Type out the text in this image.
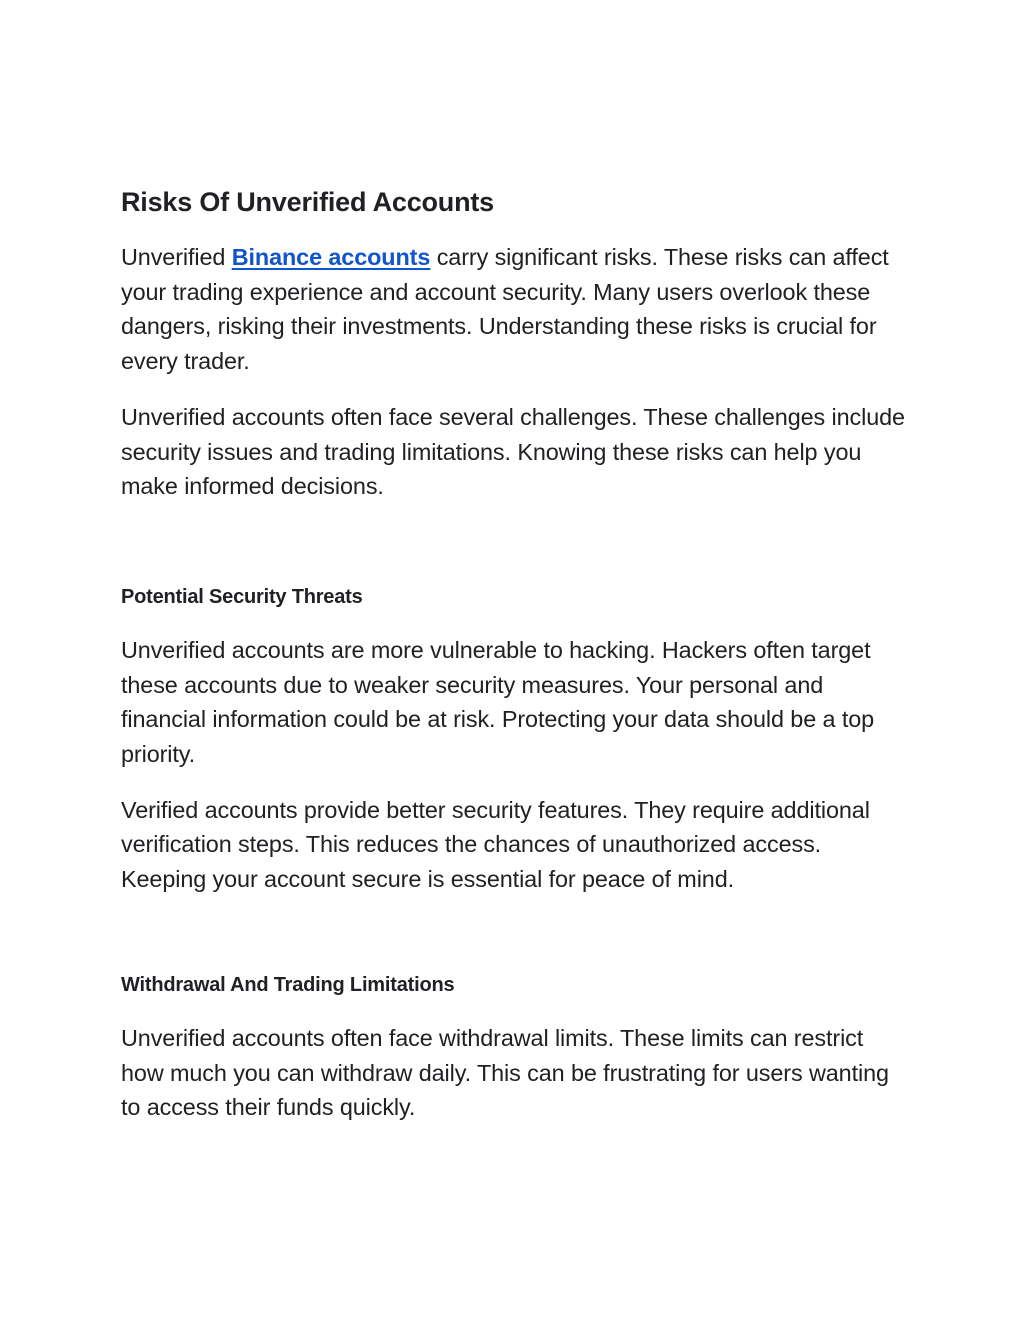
Risks Of Unverified Accounts

Unverified Binance accounts carry significant risks. These risks can affect your trading experience and account security. Many users overlook these dangers, risking their investments. Understanding these risks is crucial for every trader.

Unverified accounts often face several challenges. These challenges include security issues and trading limitations. Knowing these risks can help you make informed decisions.

Potential Security Threats

Unverified accounts are more vulnerable to hacking. Hackers often target these accounts due to weaker security measures. Your personal and financial information could be at risk. Protecting your data should be a top priority.

Verified accounts provide better security features. They require additional verification steps. This reduces the chances of unauthorized access. Keeping your account secure is essential for peace of mind.

Withdrawal And Trading Limitations

Unverified accounts often face withdrawal limits. These limits can restrict how much you can withdraw daily. This can be frustrating for users wanting to access their funds quickly.
